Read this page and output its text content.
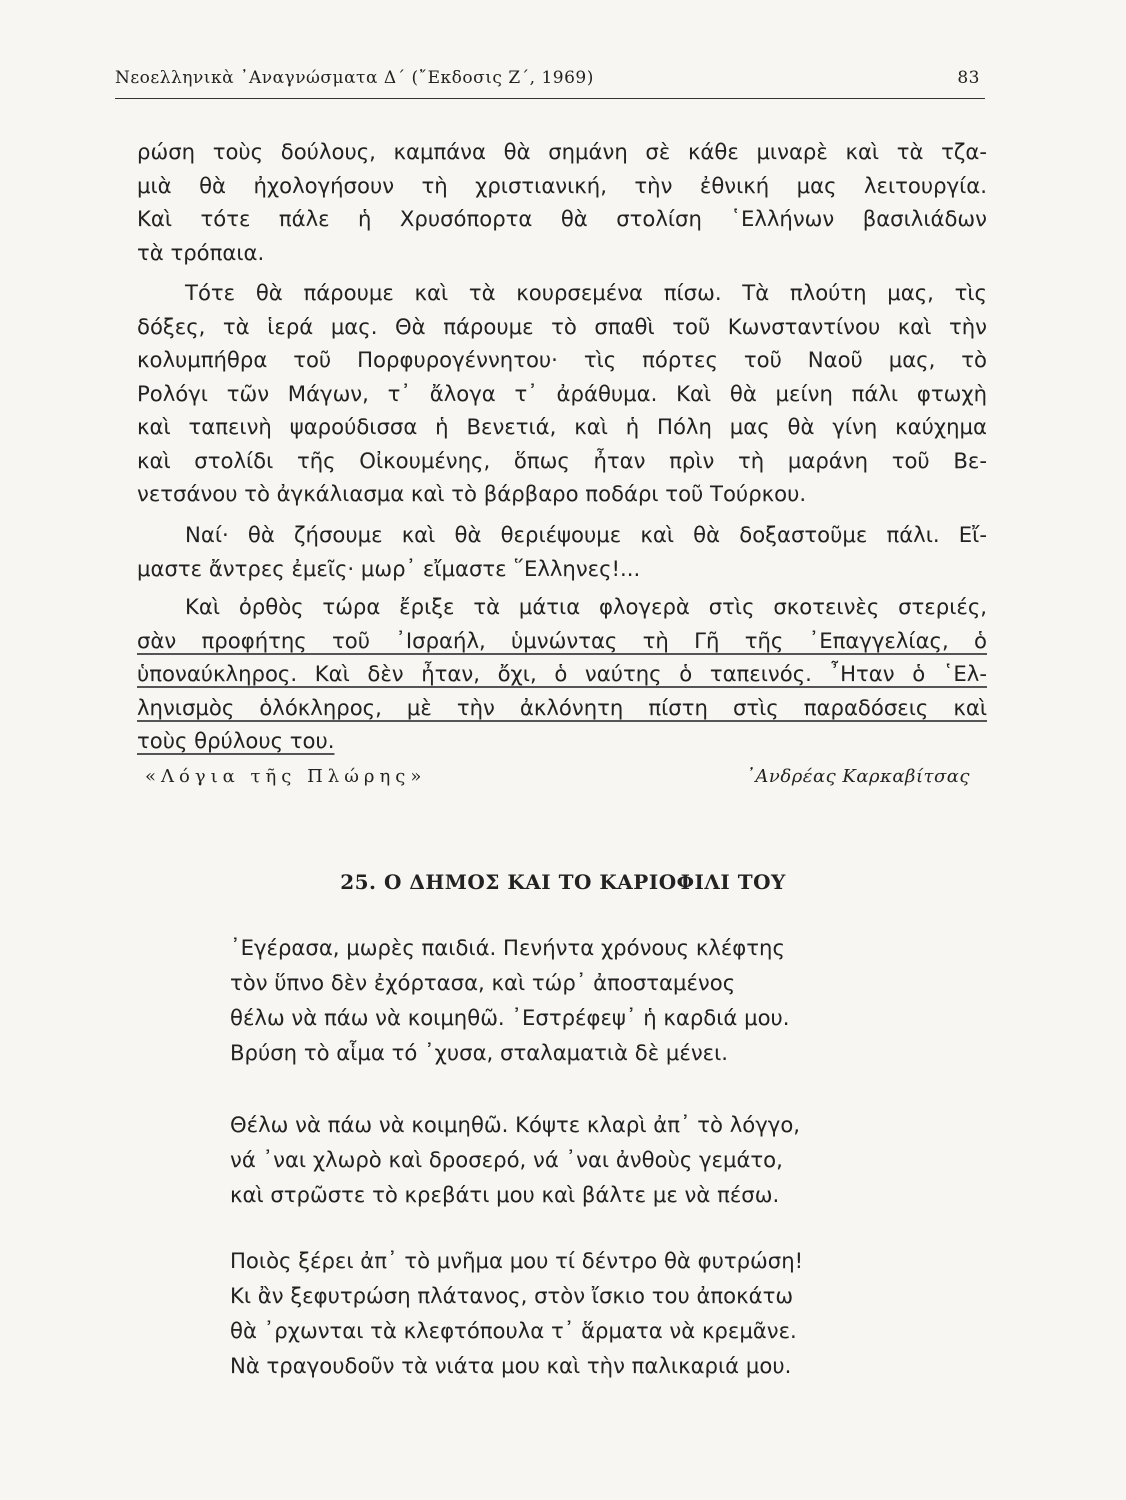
Νεοελληνικὰ ᾿Αναγνώσματα Δ΄ (῎Εκδοσις Ζ΄, 1969)	83

ρώση τοὺς δούλους, καμπάνα θὰ σημάνη σὲ κάθε μιναρὲ καὶ τὰ τζα-
μιὰ θὰ ἠχολογήσουν τὴ χριστιανική, τὴν ἐθνική μας λειτουργία.
Καὶ τότε πάλε ἡ Χρυσόπορτα θὰ στολίση ῾Ελλήνων βασιλιάδων
τὰ τρόπαια.

Τότε θὰ πάρουμε καὶ τὰ κουρσεμένα πίσω. Τὰ πλούτη μας, τὶς
δόξες, τὰ ἱερά μας. Θὰ πάρουμε τὸ σπαθὶ τοῦ Κωνσταντίνου καὶ τὴν
κολυμπήθρα τοῦ Πορφυρογέννητου· τὶς πόρτες τοῦ Ναοῦ μας, τὸ
Ρολόγι τῶν Μάγων, τ᾿ ἄλογα τ᾿ ἀράθυμα. Καὶ θὰ μείνη πάλι φτωχὴ
καὶ ταπεινὴ ψαρούδισσα ἡ Βενετιά, καὶ ἡ Πόλη μας θὰ γίνη καύχημα
καὶ στολίδι τῆς Οἰκουμένης, ὅπως ἦταν πρὶν τὴ μαράνη τοῦ Βε-
νετσάνου τὸ ἀγκάλιασμα καὶ τὸ βάρβαρο ποδάρι τοῦ Τούρκου.

Ναί· θὰ ζήσουμε καὶ θὰ θεριέψουμε καὶ θὰ δοξαστοῦμε πάλι. Εἴ-
μαστε ἄντρες ἐμεῖς· μωρ᾿ εἴμαστε ῞Ελληνες!...

Καὶ ὀρθὸς τώρα ἔριξε τὰ μάτια φλογερὰ στὶς σκοτεινὲς στεριές,
σὰν προφήτης τοῦ ᾿Ισραήλ, ὑμνώντας τὴ Γῆ τῆς ᾿Επαγγελίας, ὁ
ὑποναύκληρος. Καὶ δὲν ἦταν, ὄχι, ὁ ναύτης ὁ ταπεινός. ῏Ηταν ὁ ῾Ελ-
ληνισμὸς ὁλόκληρος, μὲ τὴν ἀκλόνητη πίστη στὶς παραδόσεις καὶ
τοὺς θρύλους του.

«Λόγια τῆς Πλώρης»	᾿Ανδρέας Καρκαβίτσας
25. Ο ΔΗΜΟΣ ΚΑΙ ΤΟ ΚΑΡΙΟΦΙΛΙ ΤΟΥ

᾿Εγέρασα, μωρὲς παιδιά. Πενήντα χρόνους κλέφτης
τὸν ὕπνο δὲν ἐχόρτασα, καὶ τώρ᾿ ἀποσταμένος
θέλω νὰ πάω νὰ κοιμηθῶ. ᾿Εστρέφεψ᾿ ἡ καρδιά μου.
Βρύση τὸ αἷμα τό ᾿χυσα, σταλαματιὰ δὲ μένει.

Θέλω νὰ πάω νὰ κοιμηθῶ. Κόψτε κλαρὶ ἀπ᾿ τὸ λόγγο,
νά ᾿ναι χλωρὸ καὶ δροσερό, νά ᾿ναι ἀνθοὺς γεμάτο,
καὶ στρῶστε τὸ κρεβάτι μου καὶ βάλτε με νὰ πέσω.

Ποιὸς ξέρει ἀπ᾿ τὸ μνῆμα μου τί δέντρο θὰ φυτρώση!
Κι ἂν ξεφυτρώση πλάτανος, στὸν ἴσκιο του ἀποκάτω
θὰ ᾿ρχωνται τὰ κλεφτόπουλα τ᾿ ἅρματα νὰ κρεμᾶνε.
Νὰ τραγουδοῦν τὰ νιάτα μου καὶ τὴν παλικαριά μου.
